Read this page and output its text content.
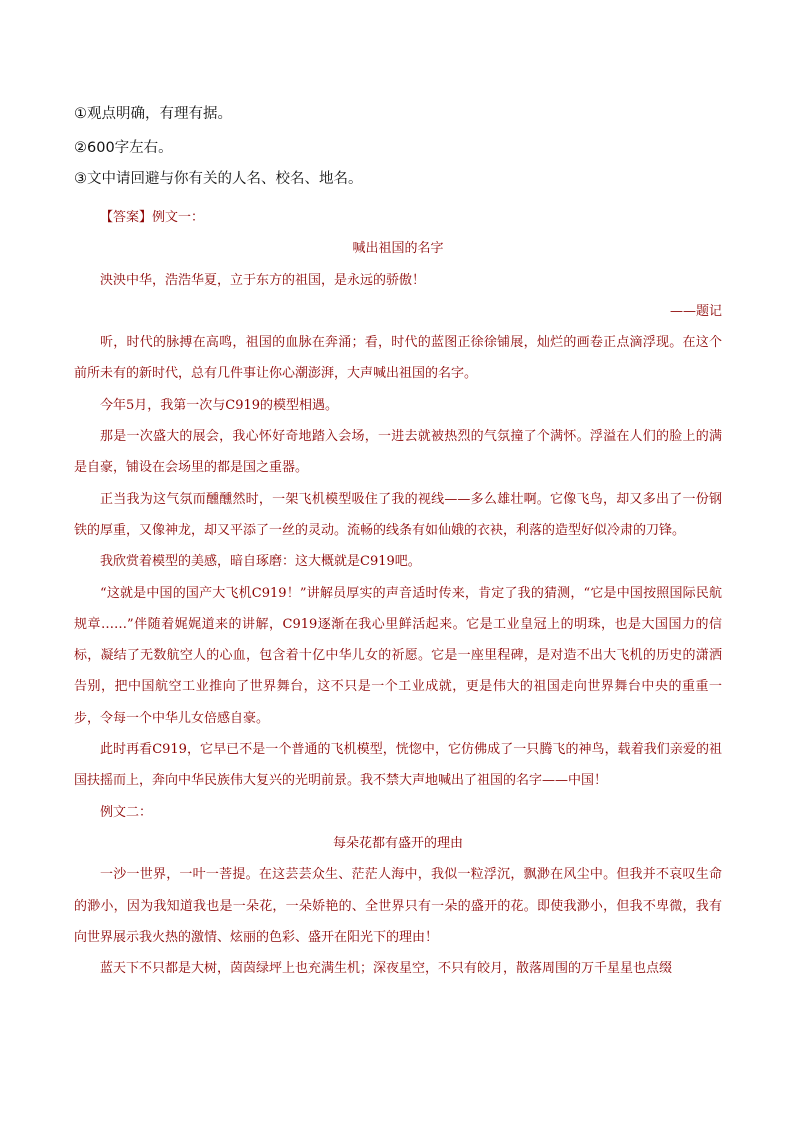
①观点明确，有理有据。
②600字左右。
③文中请回避与你有关的人名、校名、地名。

【答案】例文一：

喊出祖国的名字

泱泱中华，浩浩华夏，立于东方的祖国，是永远的骄傲！

——题记

听，时代的脉搏在高鸣，祖国的血脉在奔涌；看，时代的蓝图正徐徐铺展，灿烂的画卷正点滴浮现。在这个前所未有的新时代，总有几件事让你心潮澎湃，大声喊出祖国的名字。

今年5月，我第一次与C919的模型相遇。

那是一次盛大的展会，我心怀好奇地踏入会场，一进去就被热烈的气氛撞了个满怀。浮溢在人们的脸上的满是自豪，铺设在会场里的都是国之重器。

正当我为这气氛而醺醺然时，一架飞机模型吸住了我的视线——多么雄壮啊。它像飞鸟，却又多出了一份钢铁的厚重，又像神龙，却又平添了一丝的灵动。流畅的线条有如仙娥的衣袂，利落的造型好似冷肃的刀锋。

我欣赏着模型的美感，暗自琢磨：这大概就是C919吧。

“这就是中国的国产大飞机C919！”讲解员厚实的声音适时传来，肯定了我的猜测，“它是中国按照国际民航规章……”伴随着娓娓道来的讲解，C919逐渐在我心里鲜活起来。它是工业皇冠上的明珠，也是大国国力的信标，凝结了无数航空人的心血，包含着十亿中华儿女的祈愿。它是一座里程碑，是对造不出大飞机的历史的潇洒告别，把中国航空工业推向了世界舞台，这不只是一个工业成就，更是伟大的祖国走向世界舞台中央的重重一步，令每一个中华儿女倍感自豪。

此时再看C919，它早已不是一个普通的飞机模型，恍惚中，它仿佛成了一只腾飞的神鸟，载着我们亲爱的祖国扶摇而上，奔向中华民族伟大复兴的光明前景。我不禁大声地喊出了祖国的名字——中国！

例文二：

每朵花都有盛开的理由

一沙一世界，一叶一菩提。在这芸芸众生、茫茫人海中，我似一粒浮沉，飘渺在风尘中。但我并不哀叹生命的渺小，因为我知道我也是一朵花，一朵娇艳的、全世界只有一朵的盛开的花。即使我渺小，但我不卑微，我有向世界展示我火热的激情、炫丽的色彩、盛开在阳光下的理由！

蓝天下不只都是大树，茵茵绿坪上也充满生机；深夜星空，不只有皎月，散落周围的万千星星也点缀
